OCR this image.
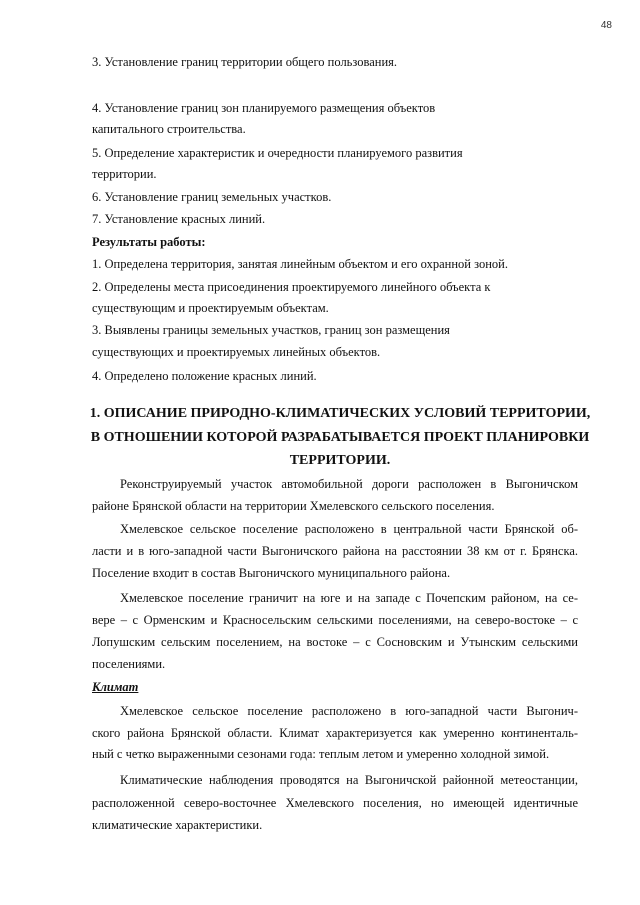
48
3. Установление границ территории общего пользования.
4. Установление границ зон планируемого размещения объектов
капитального строительства.
5. Определение характеристик и очередности планируемого развития
территории.
6. Установление границ земельных участков.
7. Установление красных линий.
Результаты работы:
1. Определена территория, занятая линейным объектом и его охранной зоной.
2. Определены места присоединения проектируемого линейного объекта к
существующим и проектируемым объектам.
3. Выявлены границы земельных участков, границ зон размещения
существующих и проектируемых линейных объектов.
4. Определено положение красных линий.
1. ОПИСАНИЕ ПРИРОДНО-КЛИМАТИЧЕСКИХ УСЛОВИЙ ТЕРРИТОРИИ,
В ОТНОШЕНИИ КОТОРОЙ РАЗРАБАТЫВАЕТСЯ ПРОЕКТ ПЛАНИРОВКИ
ТЕРРИТОРИИ.
Реконструируемый участок автомобильной дороги расположен в Выгоничском
районе Брянской области на территории Хмелевского сельского поселения.
Хмелевское сельское поселение расположено в центральной части Брянской об-
ласти и в юго-западной части Выгоничского района на расстоянии 38 км от г. Брянска.
Поселение входит в состав Выгоничского муниципального района.
Хмелевское поселение граничит на юге и на западе с Почепским районом, на се-
вере – с Орменским и Красносельским сельскими поселениями, на северо-востоке – с
Лопушским сельским поселением, на востоке – с Сосновским и Утынским сельскими
поселениями.
Климат
Хмелевское сельское поселение расположено в юго-западной части Выгонич-
ского района Брянской области. Климат характеризуется как умеренно континенталь-
ный с четко выраженными сезонами года: теплым летом и умеренно холодной зимой.
Климатические наблюдения проводятся на Выгоничской районной метеостанции,
расположенной северо-восточнее Хмелевского поселения, но имеющей идентичные
климатические характеристики.
